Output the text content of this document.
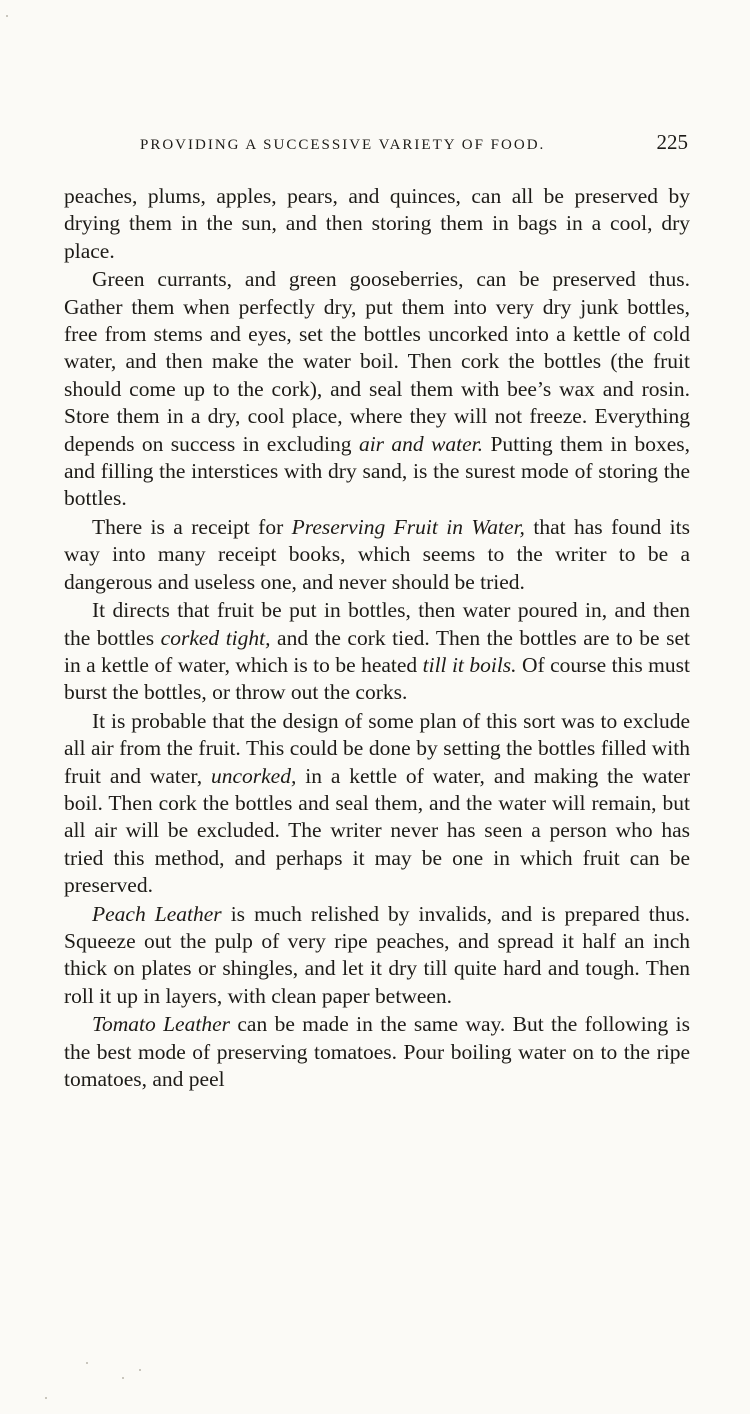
PROVIDING A SUCCESSIVE VARIETY OF FOOD.	225

peaches, plums, apples, pears, and quinces, can all be preserved by drying them in the sun, and then storing them in bags in a cool, dry place.

Green currants, and green gooseberries, can be preserved thus. Gather them when perfectly dry, put them into very dry junk bottles, free from stems and eyes, set the bottles uncorked into a kettle of cold water, and then make the water boil. Then cork the bottles (the fruit should come up to the cork), and seal them with bee’s wax and rosin. Store them in a dry, cool place, where they will not freeze. Everything depends on success in excluding air and water. Putting them in boxes, and filling the interstices with dry sand, is the surest mode of storing the bottles.

There is a receipt for Preserving Fruit in Water, that has found its way into many receipt books, which seems to the writer to be a dangerous and useless one, and never should be tried.

It directs that fruit be put in bottles, then water poured in, and then the bottles corked tight, and the cork tied. Then the bottles are to be set in a kettle of water, which is to be heated till it boils. Of course this must burst the bottles, or throw out the corks.

It is probable that the design of some plan of this sort was to exclude all air from the fruit. This could be done by setting the bottles filled with fruit and water, uncorked, in a kettle of water, and making the water boil. Then cork the bottles and seal them, and the water will remain, but all air will be excluded. The writer never has seen a person who has tried this method, and perhaps it may be one in which fruit can be preserved.

Peach Leather is much relished by invalids, and is prepared thus. Squeeze out the pulp of very ripe peaches, and spread it half an inch thick on plates or shingles, and let it dry till quite hard and tough. Then roll it up in layers, with clean paper between.

Tomato Leather can be made in the same way. But the following is the best mode of preserving tomatoes. Pour boiling water on to the ripe tomatoes, and peel
